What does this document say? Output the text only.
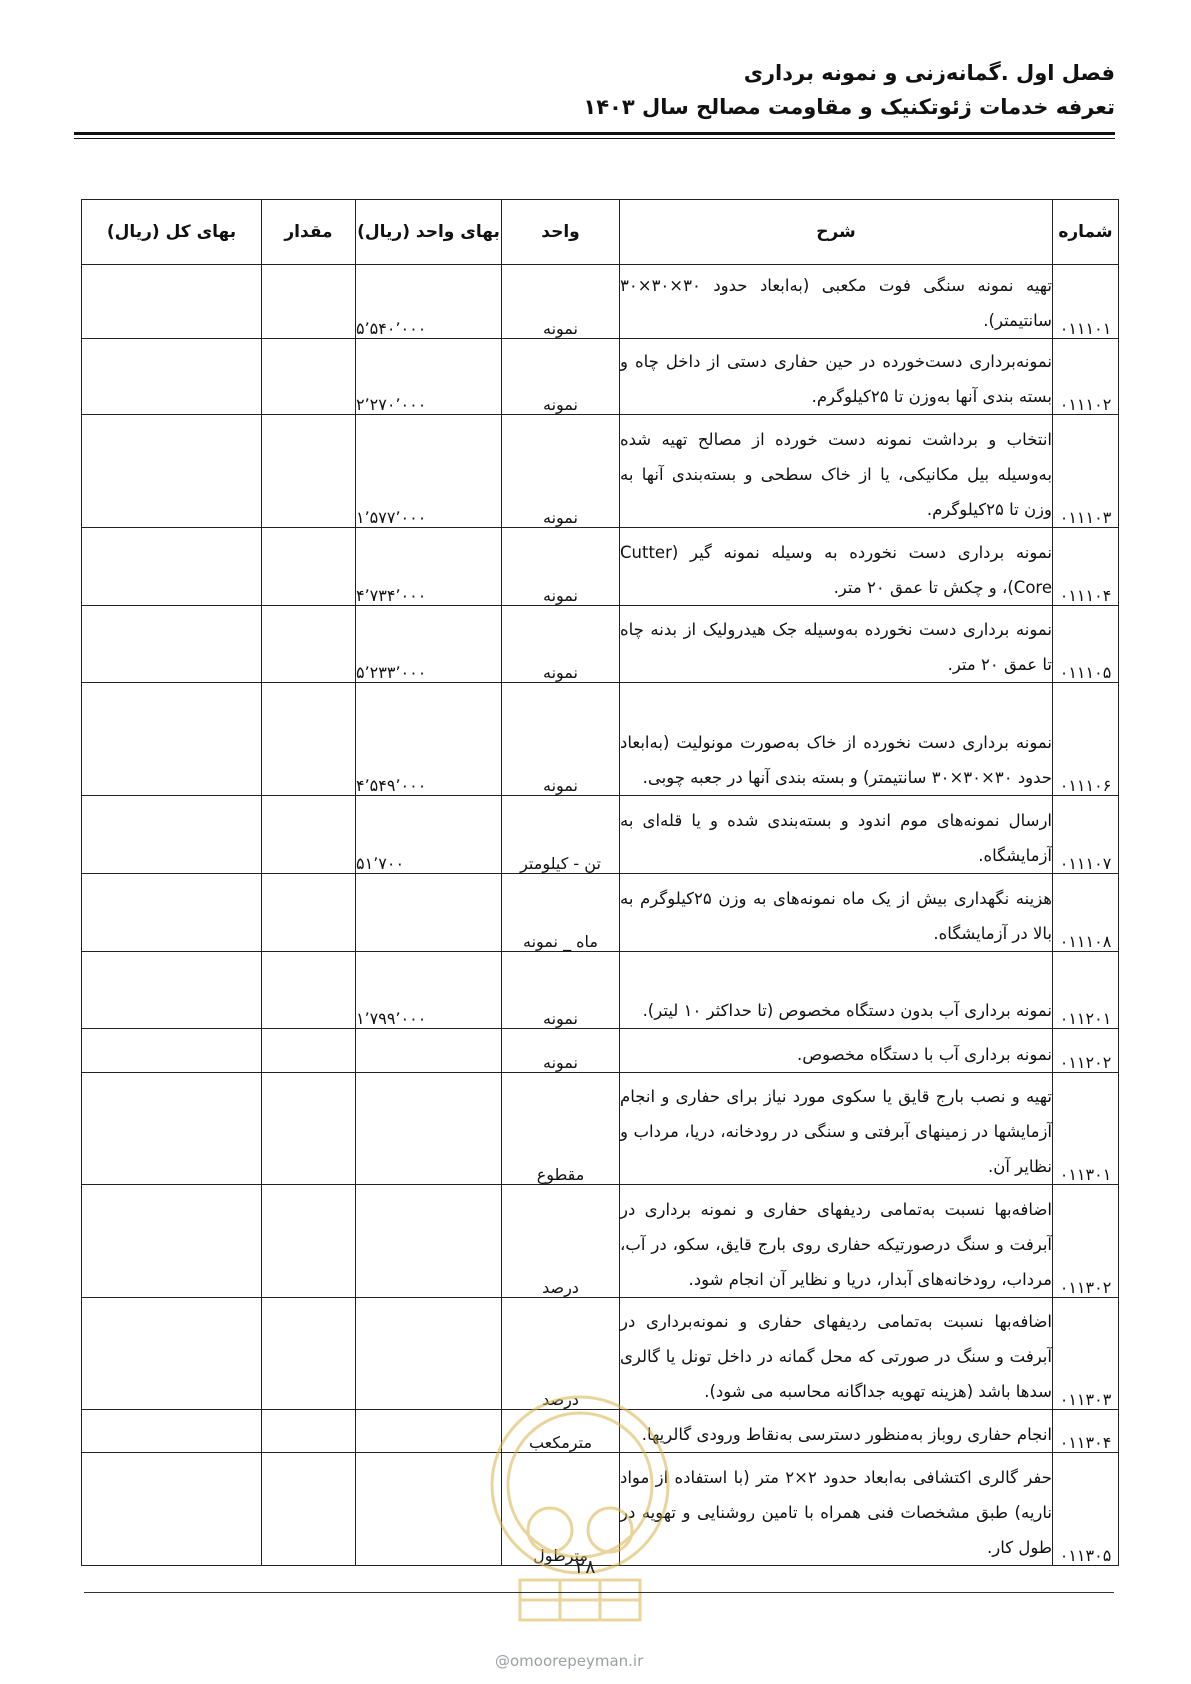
فصل اول .گمانه‌زنی و نمونه برداری
تعرفه خدمات ژئوتکنیک و مقاومت مصالح سال ۱۴۰۳
شماره	شرح	واحد	بهای واحد (ریال)	مقدار	بهای کل (ریال)
۰۱۱۱۰۱	تهیه نمونه سنگی فوت مکعبی (به‌ابعاد حدود ۳۰×۳۰×۳۰ سانتیمتر).	نمونه	۵٬۵۴۰٬۰۰۰		
۰۱۱۱۰۲	نمونه‌برداری دست‌خورده در حین حفاری دستی از داخل چاه و بسته بندی آنها به‌وزن تا ۲۵کیلوگرم.	نمونه	۲٬۲۷۰٬۰۰۰		
۰۱۱۱۰۳	انتخاب و برداشت نمونه دست خورده از مصالح تهیه شده به‌وسیله بیل مکانیکی، یا از خاک سطحی و بسته‌بندی آنها به وزن تا ۲۵کیلوگرم.	نمونه	۱٬۵۷۷٬۰۰۰		
۰۱۱۱۰۴	نمونه برداری دست نخورده به وسیله نمونه گیر (Cutter Core)، و چکش تا عمق ۲۰ متر.	نمونه	۴٬۷۳۴٬۰۰۰		
۰۱۱۱۰۵	نمونه برداری دست نخورده به‌وسیله جک هیدرولیک از بدنه چاه تا عمق ۲۰ متر.	نمونه	۵٬۲۳۳٬۰۰۰		
۰۱۱۱۰۶	نمونه برداری دست نخورده از خاک به‌صورت مونولیت (به‌ابعاد حدود ۳۰×۳۰×۳۰ سانتیمتر) و بسته بندی آنها در جعبه چوبی.	نمونه	۴٬۵۴۹٬۰۰۰		
۰۱۱۱۰۷	ارسال نمونه‌های موم اندود و بسته‌بندی شده و یا قله‌ای به آزمایشگاه.	تن - کیلومتر	۵۱٬۷۰۰		
۰۱۱۱۰۸	هزینه نگهداری بیش از یک ماه نمونه‌های به وزن ۲۵کیلوگرم به بالا در آزمایشگاه.	ماه _ نمونه			
۰۱۱۲۰۱	نمونه برداری آب بدون دستگاه مخصوص (تا حداکثر ۱۰ لیتر).	نمونه	۱٬۷۹۹٬۰۰۰		
۰۱۱۲۰۲	نمونه برداری آب با دستگاه مخصوص.	نمونه			
۰۱۱۳۰۱	تهیه و نصب بارج قایق یا سکوی مورد نیاز برای حفاری و انجام آزمایشها در زمینهای آبرفتی و سنگی در رودخانه، دریا، مرداب و نظایر آن.	مقطوع			
۰۱۱۳۰۲	اضافه‌بها نسبت به‌تمامی ردیفهای حفاری و نمونه برداری در آبرفت و سنگ درصورتیکه حفاری روی بارج قایق، سکو، در آب، مرداب، رودخانه‌های آبدار، دریا و نظایر آن انجام شود.	درصد			
۰۱۱۳۰۳	اضافه‌بها نسبت به‌تمامی ردیفهای حفاری و نمونه‌برداری در آبرفت و سنگ در صورتی که محل گمانه در داخل تونل یا گالری سدها باشد (هزینه تهویه جداگانه محاسبه می شود).	درصد			
۰۱۱۳۰۴	انجام حفاری روباز به‌منظور دسترسی به‌نقاط ورودی گالریها.	مترمکعب			
۰۱۱۳۰۵	حفر گالری اکتشافی به‌ابعاد حدود ۲×۲ متر (با استفاده از مواد ناریه) طبق مشخصات فنی همراه با تامین روشنایی و تهویه در طول کار.	مترطول			
۲۸
@omoorepeyman.ir
